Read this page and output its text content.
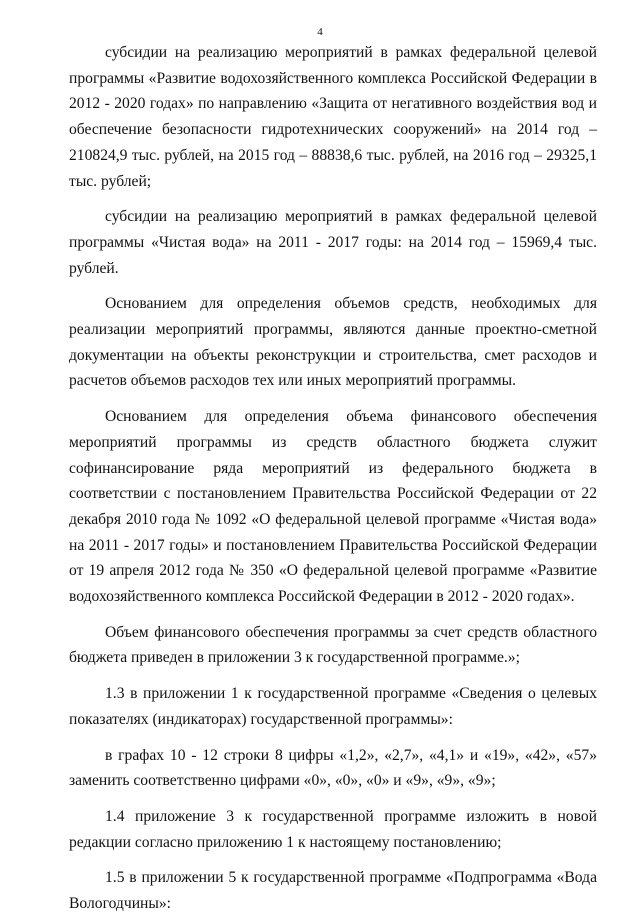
4

субсидии на реализацию мероприятий в рамках федеральной целевой программы «Развитие водохозяйственного комплекса Российской Федерации в 2012 - 2020 годах» по направлению «Защита от негативного воздействия вод и обеспечение безопасности гидротехнических сооружений» на 2014 год – 210824,9 тыс. рублей, на 2015 год – 88838,6 тыс. рублей, на 2016 год – 29325,1 тыс. рублей;

субсидии на реализацию мероприятий в рамках федеральной целевой программы «Чистая вода» на 2011 - 2017 годы: на 2014 год – 15969,4 тыс. рублей.

Основанием для определения объемов средств, необходимых для реализации мероприятий программы, являются данные проектно-сметной документации на объекты реконструкции и строительства, смет расходов и расчетов объемов расходов тех или иных мероприятий программы.

Основанием для определения объема финансового обеспечения мероприятий программы из средств областного бюджета служит софинансирование ряда мероприятий из федерального бюджета в соответствии с постановлением Правительства Российской Федерации от 22 декабря 2010 года № 1092 «О федеральной целевой программе «Чистая вода» на 2011 - 2017 годы» и постановлением Правительства Российской Федерации от 19 апреля 2012 года № 350 «О федеральной целевой программе «Развитие водохозяйственного комплекса Российской Федерации в 2012 - 2020 годах».

Объем финансового обеспечения программы за счет средств областного бюджета приведен в приложении 3 к государственной программе.»;

1.3 в приложении 1 к государственной программе «Сведения о целевых показателях (индикаторах) государственной программы»:

в графах 10 - 12 строки 8 цифры «1,2», «2,7», «4,1» и «19», «42», «57» заменить соответственно цифрами «0», «0», «0» и «9», «9», «9»;

1.4 приложение 3 к государственной программе изложить в новой редакции согласно приложению 1 к настоящему постановлению;

1.5 в приложении 5 к государственной программе «Подпрограмма «Вода Вологодчины»:
